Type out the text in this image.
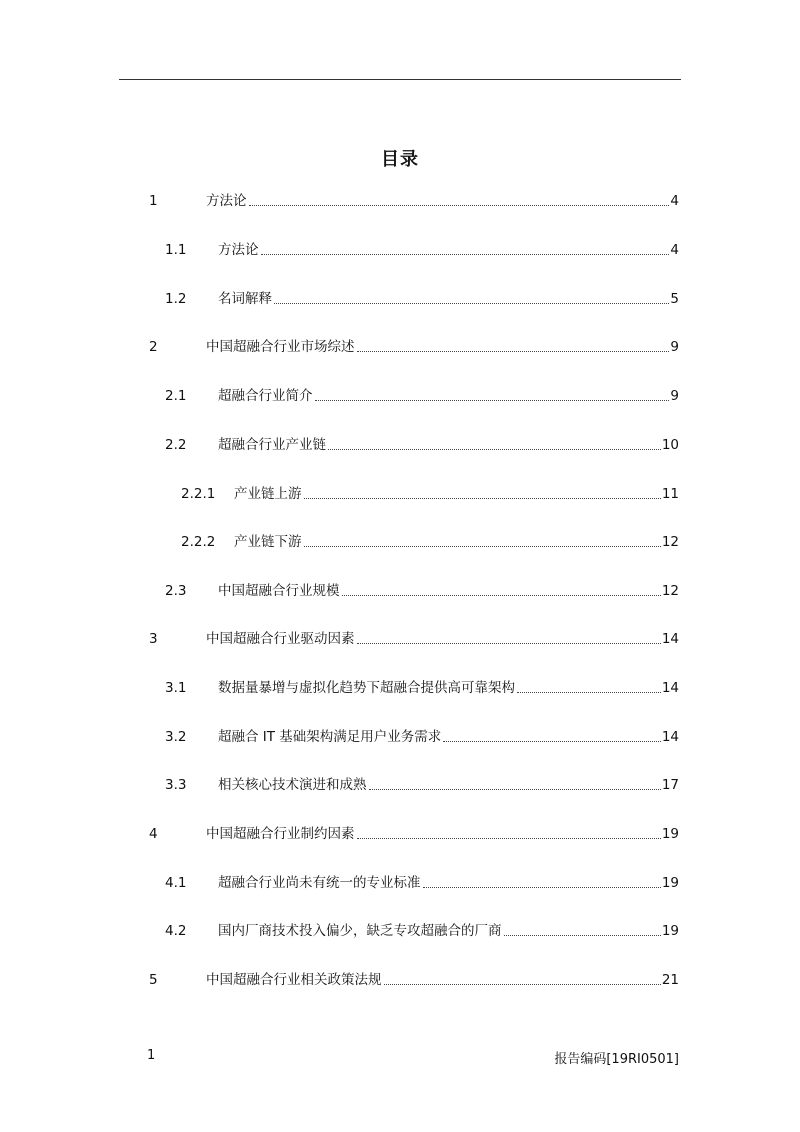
目录
1	方法论	4
1.1	方法论	4
1.2	名词解释	5
2	中国超融合行业市场综述	9
2.1	超融合行业简介	9
2.2	超融合行业产业链	10
2.2.1	产业链上游	11
2.2.2	产业链下游	12
2.3	中国超融合行业规模	12
3	中国超融合行业驱动因素	14
3.1	数据量暴增与虚拟化趋势下超融合提供高可靠架构	14
3.2	超融合 IT 基础架构满足用户业务需求	14
3.3	相关核心技术演进和成熟	17
4	中国超融合行业制约因素	19
4.1	超融合行业尚未有统一的专业标准	19
4.2	国内厂商技术投入偏少，缺乏专攻超融合的厂商	19
5	中国超融合行业相关政策法规	21
1	报告编码[19RI0501]
